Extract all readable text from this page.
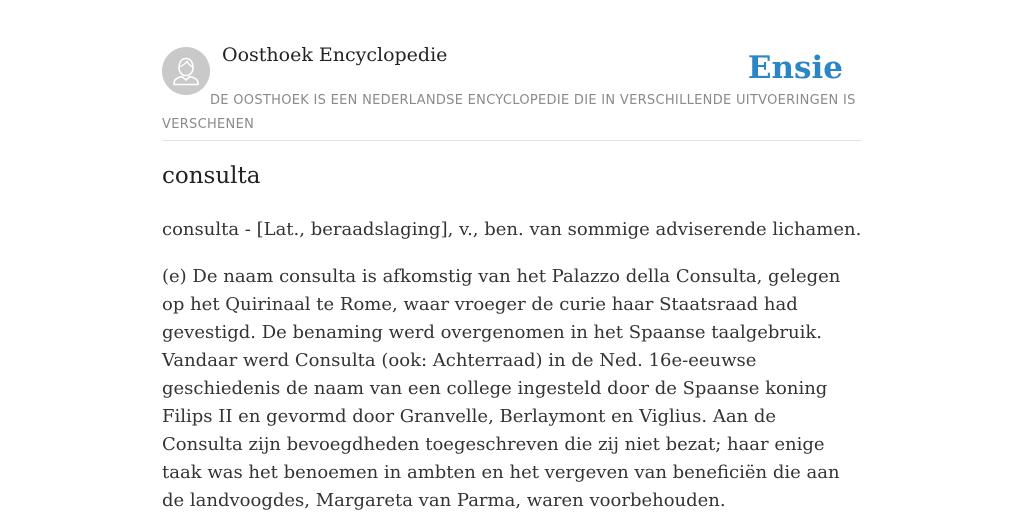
Oosthoek Encyclopedie	Ensie
DE OOSTHOEK IS EEN NEDERLANDSE ENCYCLOPEDIE DIE IN VERSCHILLENDE UITVOERINGEN IS VERSCHENEN
consulta
consulta - [Lat., beraadslaging], v., ben. van sommige adviserende lichamen.

(e) De naam consulta is afkomstig van het Palazzo della Consulta, gelegen op het Quirinaal te Rome, waar vroeger de curie haar Staatsraad had gevestigd. De benaming werd overgenomen in het Spaanse taalgebruik.

Vandaar werd Consulta (ook: Achterraad) in de Ned. 16e-eeuwse geschiedenis de naam van een college ingesteld door de Spaanse koning Filips II en gevormd door Granvelle, Berlaymont en Viglius. Aan de Consulta zijn bevoegdheden toegeschreven die zij niet bezat; haar enige taak was het benoemen in ambten en het vergeven van beneficiën die aan de landvoogdes, Margareta van Parma, waren voorbehouden.
